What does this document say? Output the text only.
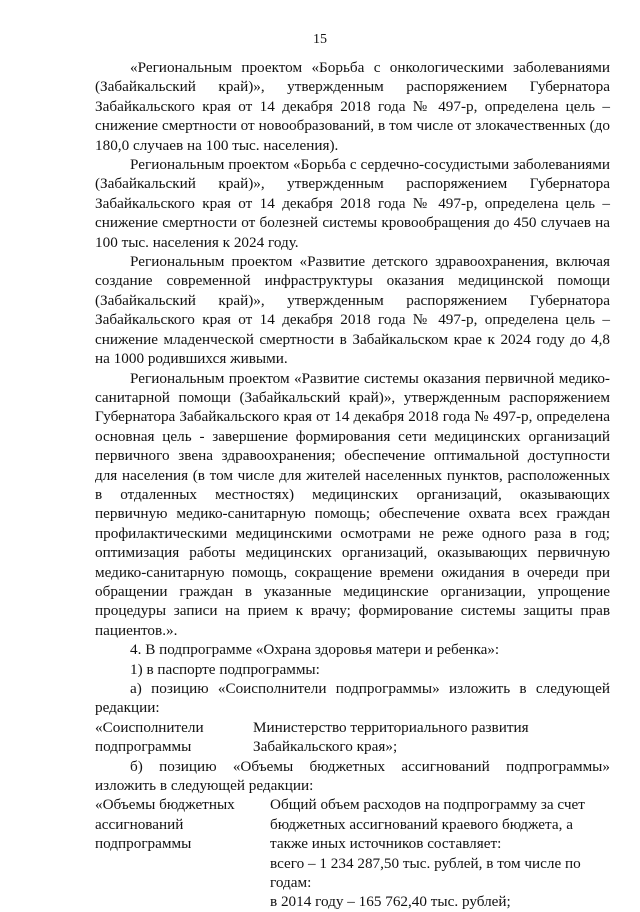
15

«Региональным проектом «Борьба с онкологическими заболеваниями (Забайкальский край)», утвержденным распоряжением Губернатора Забайкальского края от 14 декабря 2018 года № 497-р, определена цель – снижение смертности от новообразований, в том числе от злокачественных (до 180,0 случаев на 100 тыс. населения).

Региональным проектом «Борьба с сердечно-сосудистыми заболеваниями (Забайкальский край)», утвержденным распоряжением Губернатора Забайкальского края от 14 декабря 2018 года № 497-р, определена цель – снижение смертности от болезней системы кровообращения до 450 случаев на 100 тыс. населения к 2024 году.

Региональным проектом «Развитие детского здравоохранения, включая создание современной инфраструктуры оказания медицинской помощи (Забайкальский край)», утвержденным распоряжением Губернатора Забайкальского края от 14 декабря 2018 года № 497-р, определена цель – снижение младенческой смертности в Забайкальском крае к 2024 году до 4,8 на 1000 родившихся живыми.

Региональным проектом «Развитие системы оказания первичной медико-санитарной помощи (Забайкальский край)», утвержденным распоряжением Губернатора Забайкальского края от 14 декабря 2018 года № 497-р, определена основная цель - завершение формирования сети медицинских организаций первичного звена здравоохранения; обеспечение оптимальной доступности для населения (в том числе для жителей населенных пунктов, расположенных в отдаленных местностях) медицинских организаций, оказывающих первичную медико-санитарную помощь; обеспечение охвата всех граждан профилактическими медицинскими осмотрами не реже одного раза в год; оптимизация работы медицинских организаций, оказывающих первичную медико-санитарную помощь, сокращение времени ожидания в очереди при обращении граждан в указанные медицинские организации, упрощение процедуры записи на прием к врачу; формирование системы защиты прав пациентов.».

4. В подпрограмме «Охрана здоровья матери и ребенка»:

1) в паспорте подпрограммы:

а) позицию «Соисполнители подпрограммы» изложить в следующей редакции:

«Соисполнители подпрограммы
Министерство территориального развития Забайкальского края»;

б) позицию «Объемы бюджетных ассигнований подпрограммы» изложить в следующей редакции:

«Объемы бюджетных ассигнований подпрограммы
Общий объем расходов на подпрограмму за счет бюджетных ассигнований краевого бюджета, а также иных источников составляет:
всего – 1 234 287,50 тыс. рублей, в том числе по годам:
в 2014 году – 165 762,40 тыс. рублей;
